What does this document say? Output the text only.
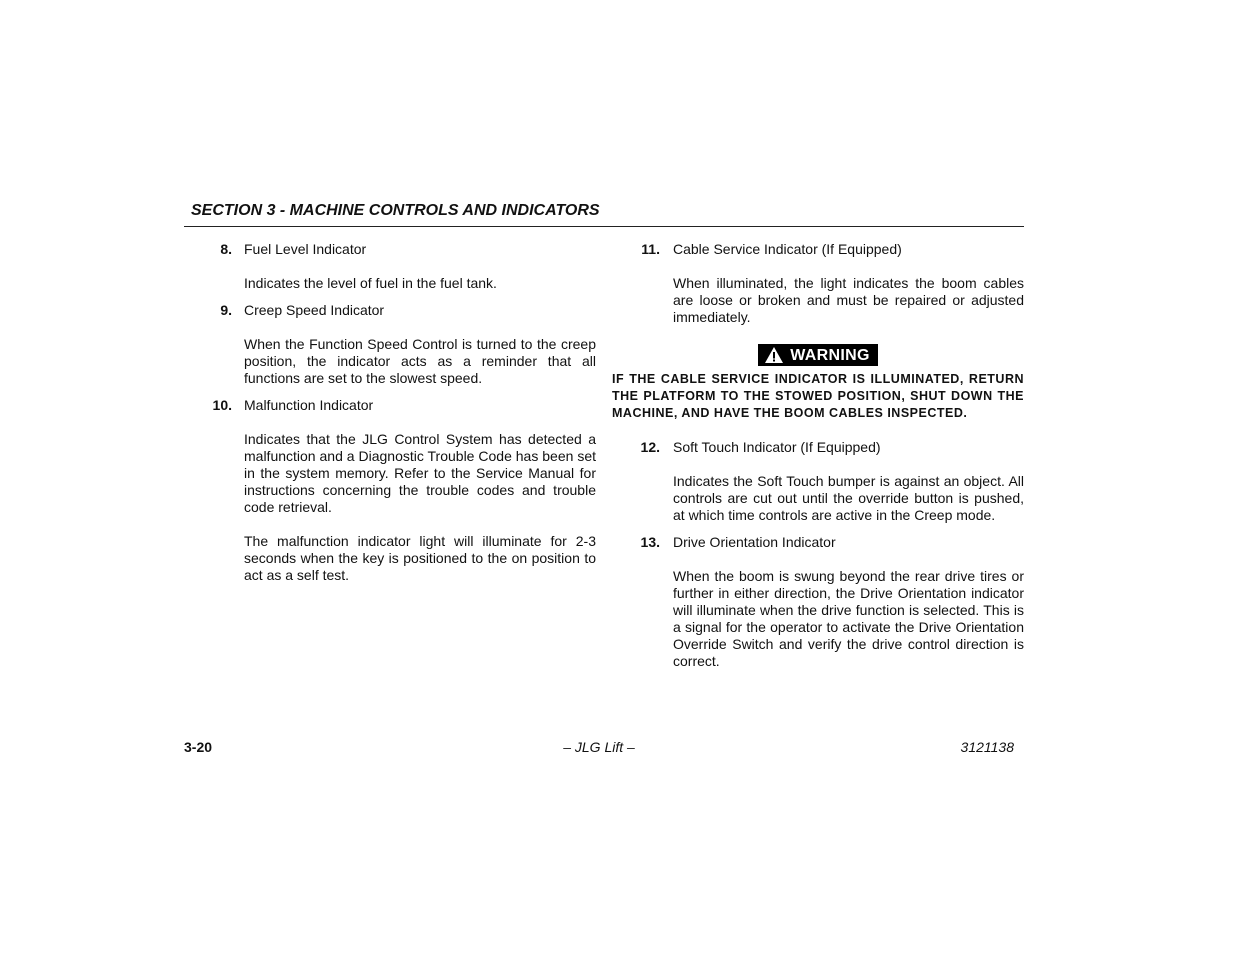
SECTION 3 - MACHINE CONTROLS AND INDICATORS
8. Fuel Level Indicator
Indicates the level of fuel in the fuel tank.
9. Creep Speed Indicator
When the Function Speed Control is turned to the creep position, the indicator acts as a reminder that all functions are set to the slowest speed.
10. Malfunction Indicator
Indicates that the JLG Control System has detected a malfunction and a Diagnostic Trouble Code has been set in the system memory. Refer to the Service Manual for instructions concerning the trouble codes and trouble code retrieval.
The malfunction indicator light will illuminate for 2-3 seconds when the key is positioned to the on position to act as a self test.
11. Cable Service Indicator (If Equipped)
When illuminated, the light indicates the boom cables are loose or broken and must be repaired or adjusted immediately.
WARNING
IF THE CABLE SERVICE INDICATOR IS ILLUMINATED, RETURN THE PLATFORM TO THE STOWED POSITION, SHUT DOWN THE MACHINE, AND HAVE THE BOOM CABLES INSPECTED.
12. Soft Touch Indicator (If Equipped)
Indicates the Soft Touch bumper is against an object. All controls are cut out until the override button is pushed, at which time controls are active in the Creep mode.
13. Drive Orientation Indicator
When the boom is swung beyond the rear drive tires or further in either direction, the Drive Orientation indicator will illuminate when the drive function is selected. This is a signal for the operator to activate the Drive Orientation Override Switch and verify the drive control direction is correct.
3-20	– JLG Lift –	3121138
